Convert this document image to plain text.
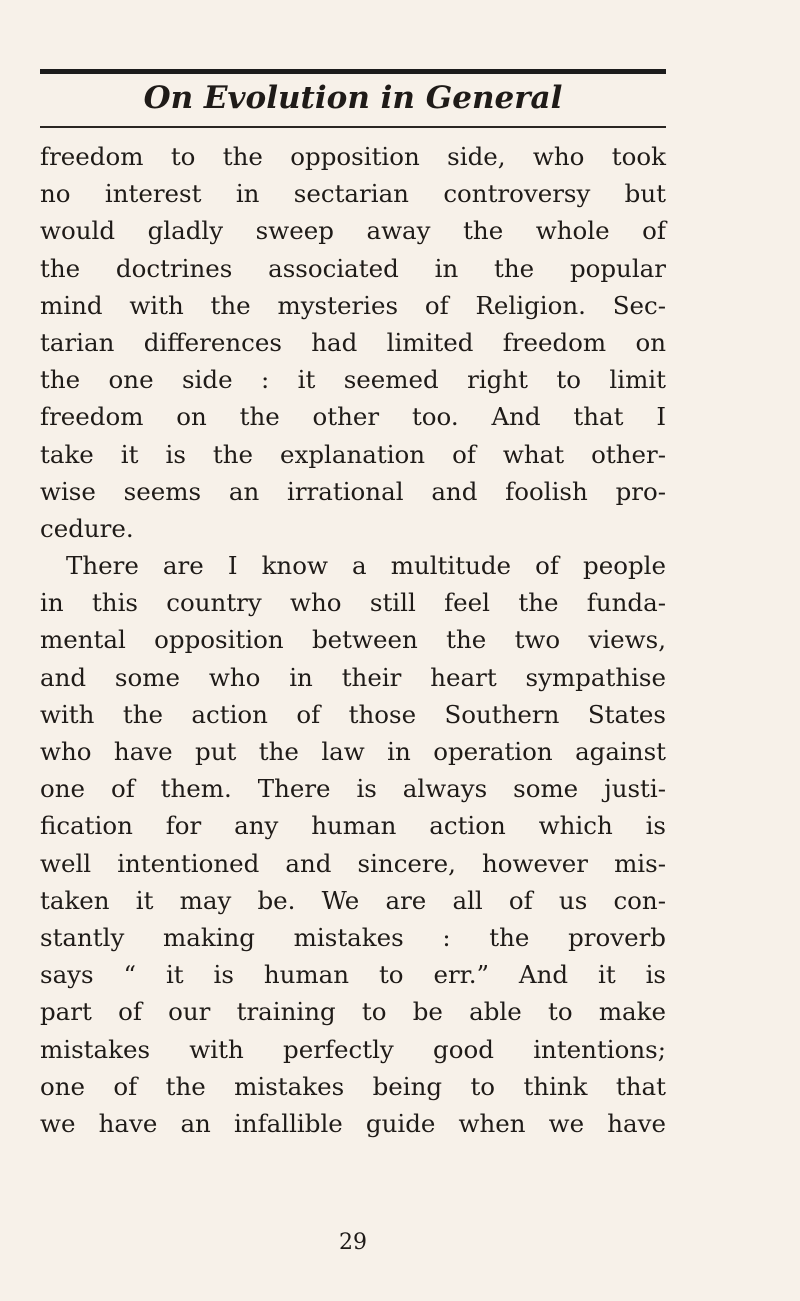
On Evolution in General
freedom to the opposition side, who took
no interest in sectarian controversy but
would gladly sweep away the whole of
the doctrines associated in the popular
mind with the mysteries of Religion. Sec-
tarian differences had limited freedom on
the one side : it seemed right to limit
freedom on the other too. And that I
take it is the explanation of what other-
wise seems an irrational and foolish pro-
cedure.
There are I know a multitude of people
in this country who still feel the funda-
mental opposition between the two views,
and some who in their heart sympathise
with the action of those Southern States
who have put the law in operation against
one of them. There is always some justi-
fication for any human action which is
well intentioned and sincere, however mis-
taken it may be. We are all of us con-
stantly making mistakes : the proverb
says “ it is human to err.” And it is
part of our training to be able to make
mistakes with perfectly good intentions;
one of the mistakes being to think that
we have an infallible guide when we have
29
